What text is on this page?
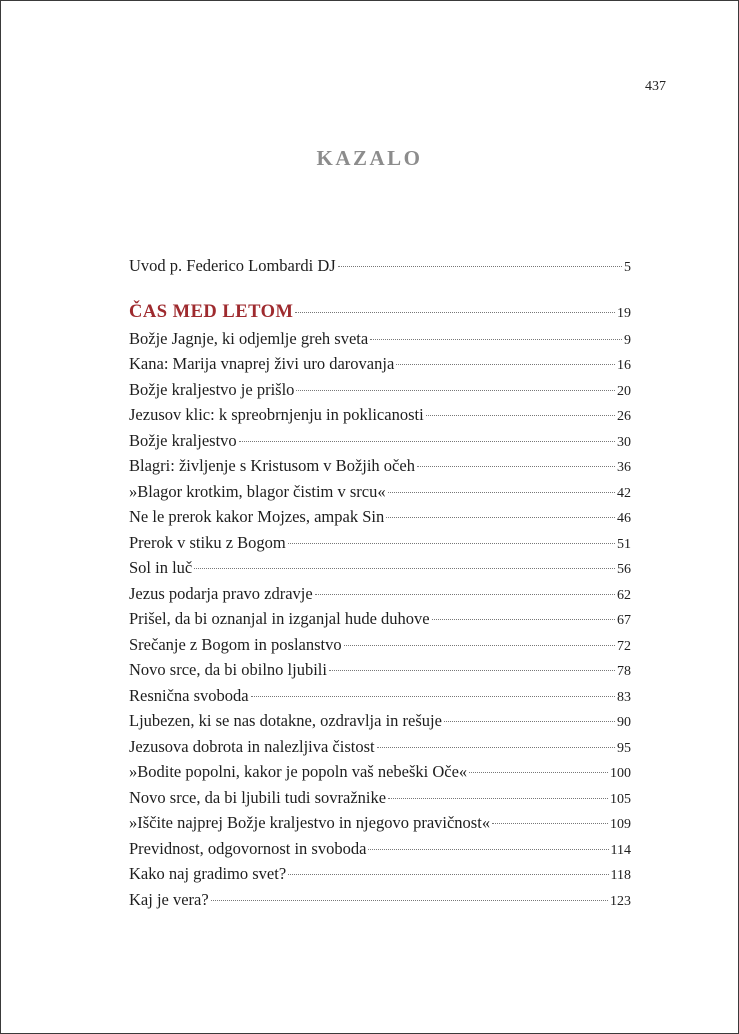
437
KAZALO
Uvod p. Federico Lombardi DJ	5
ČAS MED LETOM	19
Božje Jagnje, ki odjemlje greh sveta	9
Kana: Marija vnaprej živi uro darovanja	16
Božje kraljestvo je prišlo	20
Jezusov klic: k spreobrnjenju in poklicanosti	26
Božje kraljestvo	30
Blagri: življenje s Kristusom v Božjih očeh	36
»Blagor krotkim, blagor čistim v srcu«	42
Ne le prerok kakor Mojzes, ampak Sin	46
Prerok v stiku z Bogom	51
Sol in luč	56
Jezus podarja pravo zdravje	62
Prišel, da bi oznanjal in izganjal hude duhove	67
Srečanje z Bogom in poslanstvo	72
Novo srce, da bi obilno ljubili	78
Resnična svoboda	83
Ljubezen, ki se nas dotakne, ozdravlja in rešuje	90
Jezusova dobrota in nalezljiva čistost	95
»Bodite popolni, kakor je popoln vaš nebeški Oče«	100
Novo srce, da bi ljubili tudi sovražnike	105
»Iščite najprej Božje kraljestvo in njegovo pravičnost«	109
Previdnost, odgovornost in svoboda	114
Kako naj gradimo svet?	118
Kaj je vera?	123
